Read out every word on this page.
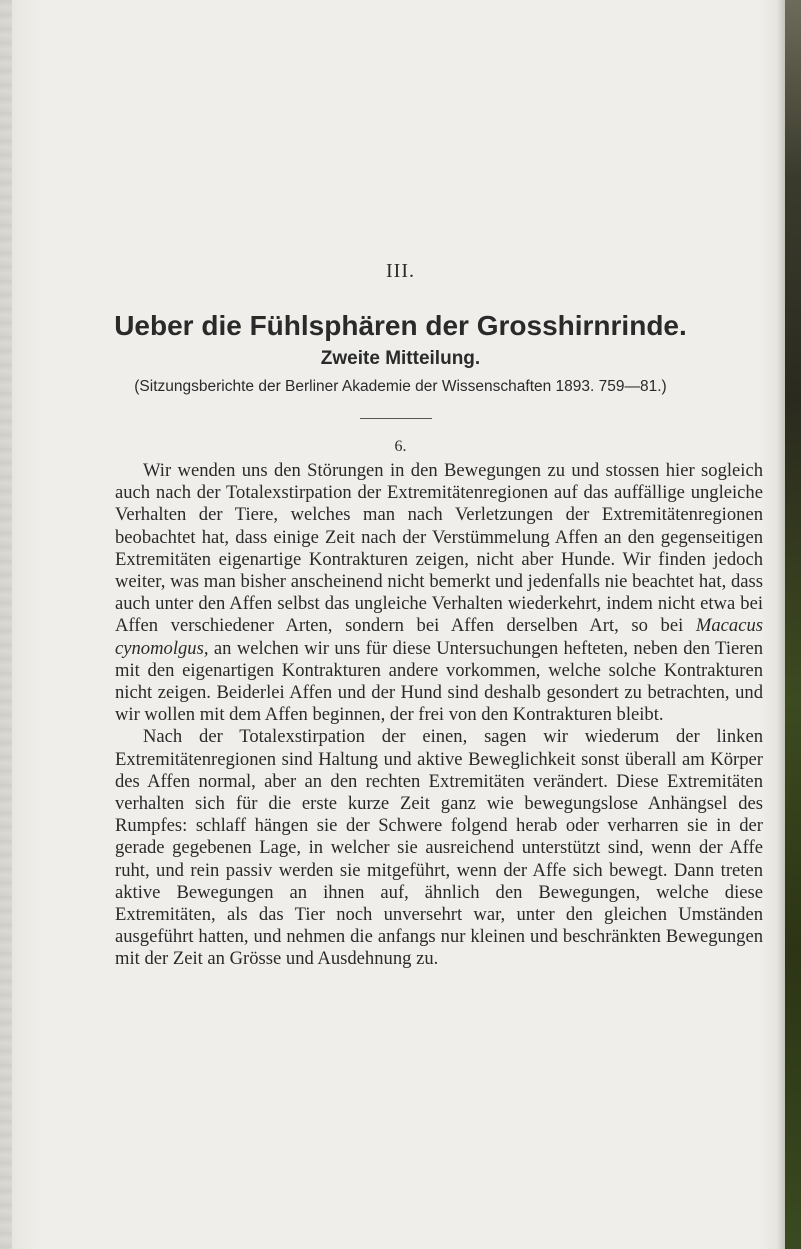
III.
Ueber die Fühlsphären der Grosshirnrinde.
Zweite Mitteilung.
(Sitzungsberichte der Berliner Akademie der Wissenschaften 1893. 759—81.)
6.

Wir wenden uns den Störungen in den Bewegungen zu und stossen hier sogleich auch nach der Totalexstirpation der Extremitätenregionen auf das auffällige ungleiche Verhalten der Tiere, welches man nach Verletzungen der Extremitätenregionen beobachtet hat, dass einige Zeit nach der Verstümmelung Affen an den gegenseitigen Extremitäten eigenartige Kontrakturen zeigen, nicht aber Hunde. Wir finden jedoch weiter, was man bisher anscheinend nicht bemerkt und jedenfalls nie beachtet hat, dass auch unter den Affen selbst das ungleiche Verhalten wiederkehrt, indem nicht etwa bei Affen verschiedener Arten, sondern bei Affen derselben Art, so bei Macacus cynomolgus, an welchen wir uns für diese Untersuchungen hefteten, neben den Tieren mit den eigenartigen Kontrakturen andere vorkommen, welche solche Kontrakturen nicht zeigen. Beiderlei Affen und der Hund sind deshalb gesondert zu betrachten, und wir wollen mit dem Affen beginnen, der frei von den Kontrakturen bleibt.

Nach der Totalexstirpation der einen, sagen wir wiederum der linken Extremitätenregionen sind Haltung und aktive Beweglichkeit sonst überall am Körper des Affen normal, aber an den rechten Extremitäten verändert. Diese Extremitäten verhalten sich für die erste kurze Zeit ganz wie bewegungslose Anhängsel des Rumpfes: schlaff hängen sie der Schwere folgend herab oder verharren sie in der gerade gegebenen Lage, in welcher sie ausreichend unterstützt sind, wenn der Affe ruht, und rein passiv werden sie mitgeführt, wenn der Affe sich bewegt. Dann treten aktive Bewegungen an ihnen auf, ähnlich den Bewegungen, welche diese Extremitäten, als das Tier noch unversehrt war, unter den gleichen Umständen ausgeführt hatten, und nehmen die anfangs nur kleinen und beschränkten Bewegungen mit der Zeit an Grösse und Ausdehnung zu.
